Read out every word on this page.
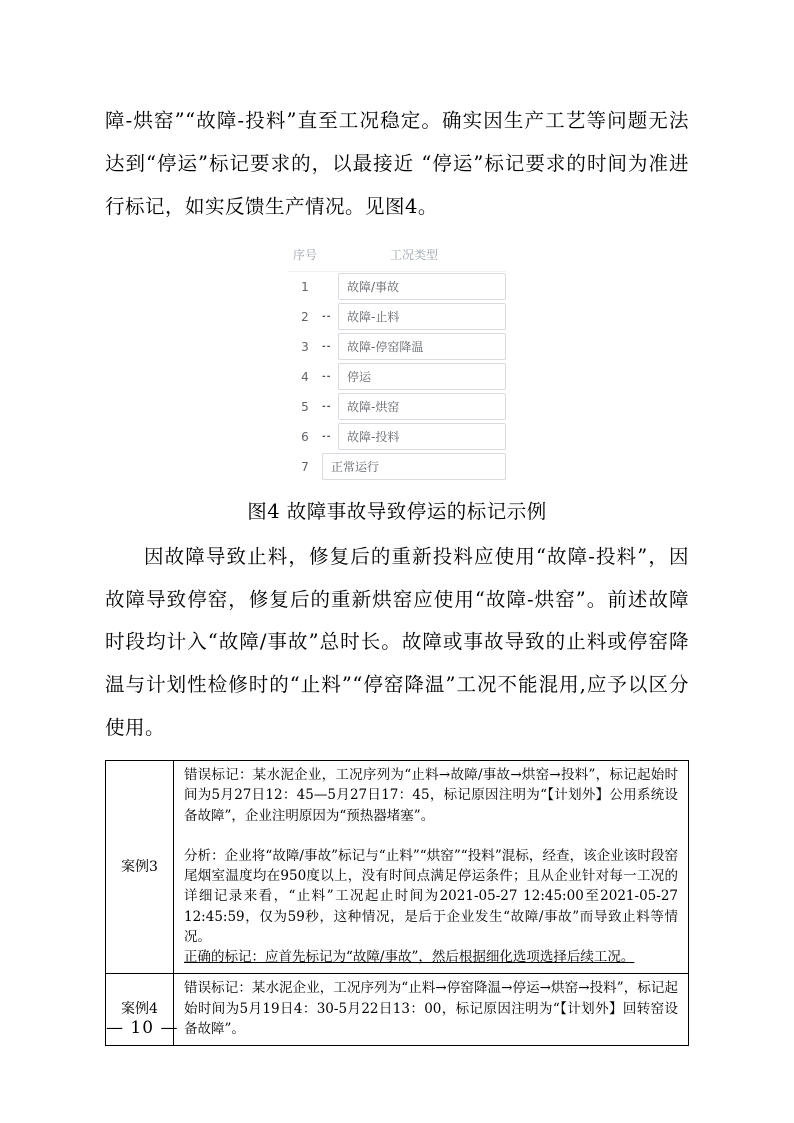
障-烘窑”“故障-投料”直至工况稳定。确实因生产工艺等问题无法达到“停运”标记要求的，以最接近 “停运”标记要求的时间为准进行标记，如实反馈生产情况。见图4。

序号	工况类型
1	故障/事故
2	--	故障-止料
3	--	故障-停窑降温
4	--	停运
5	--	故障-烘窑
6	--	故障-投料
7	正常运行

图4 故障事故导致停运的标记示例

因故障导致止料，修复后的重新投料应使用“故障-投料”，因故障导致停窑，修复后的重新烘窑应使用“故障-烘窑”。前述故障时段均计入“故障/事故”总时长。故障或事故导致的止料或停窑降温与计划性检修时的“止料”“停窑降温”工况不能混用,应予以区分使用。

案例3	错误标记：某水泥企业，工况序列为“止料→故障/事故→烘窑→投料”，标记起始时间为5月27日12：45—5月27日17：45，标记原因注明为“【计划外】公用系统设备故障”，企业注明原因为“预热器堵塞”。

分析：企业将“故障/事故”标记与“止料”“烘窑”“投料”混标，经查，该企业该时段窑尾烟室温度均在950度以上，没有时间点满足停运条件；且从企业针对每一工况的详细记录来看，“止料”工况起止时间为2021-05-27 12:45:00至2021-05-27 12:45:59，仅为59秒，这种情况，是后于企业发生“故障/事故”而导致止料等情况。

正确的标记：应首先标记为“故障/事故”，然后根据细化选项选择后续工况。

案例4	错误标记：某水泥企业，工况序列为“止料→停窑降温→停运→烘窑→投料”，标记起始时间为5月19日4：30-5月22日13：00，标记原因注明为“【计划外】回转窑设备故障”。

— 10 —
